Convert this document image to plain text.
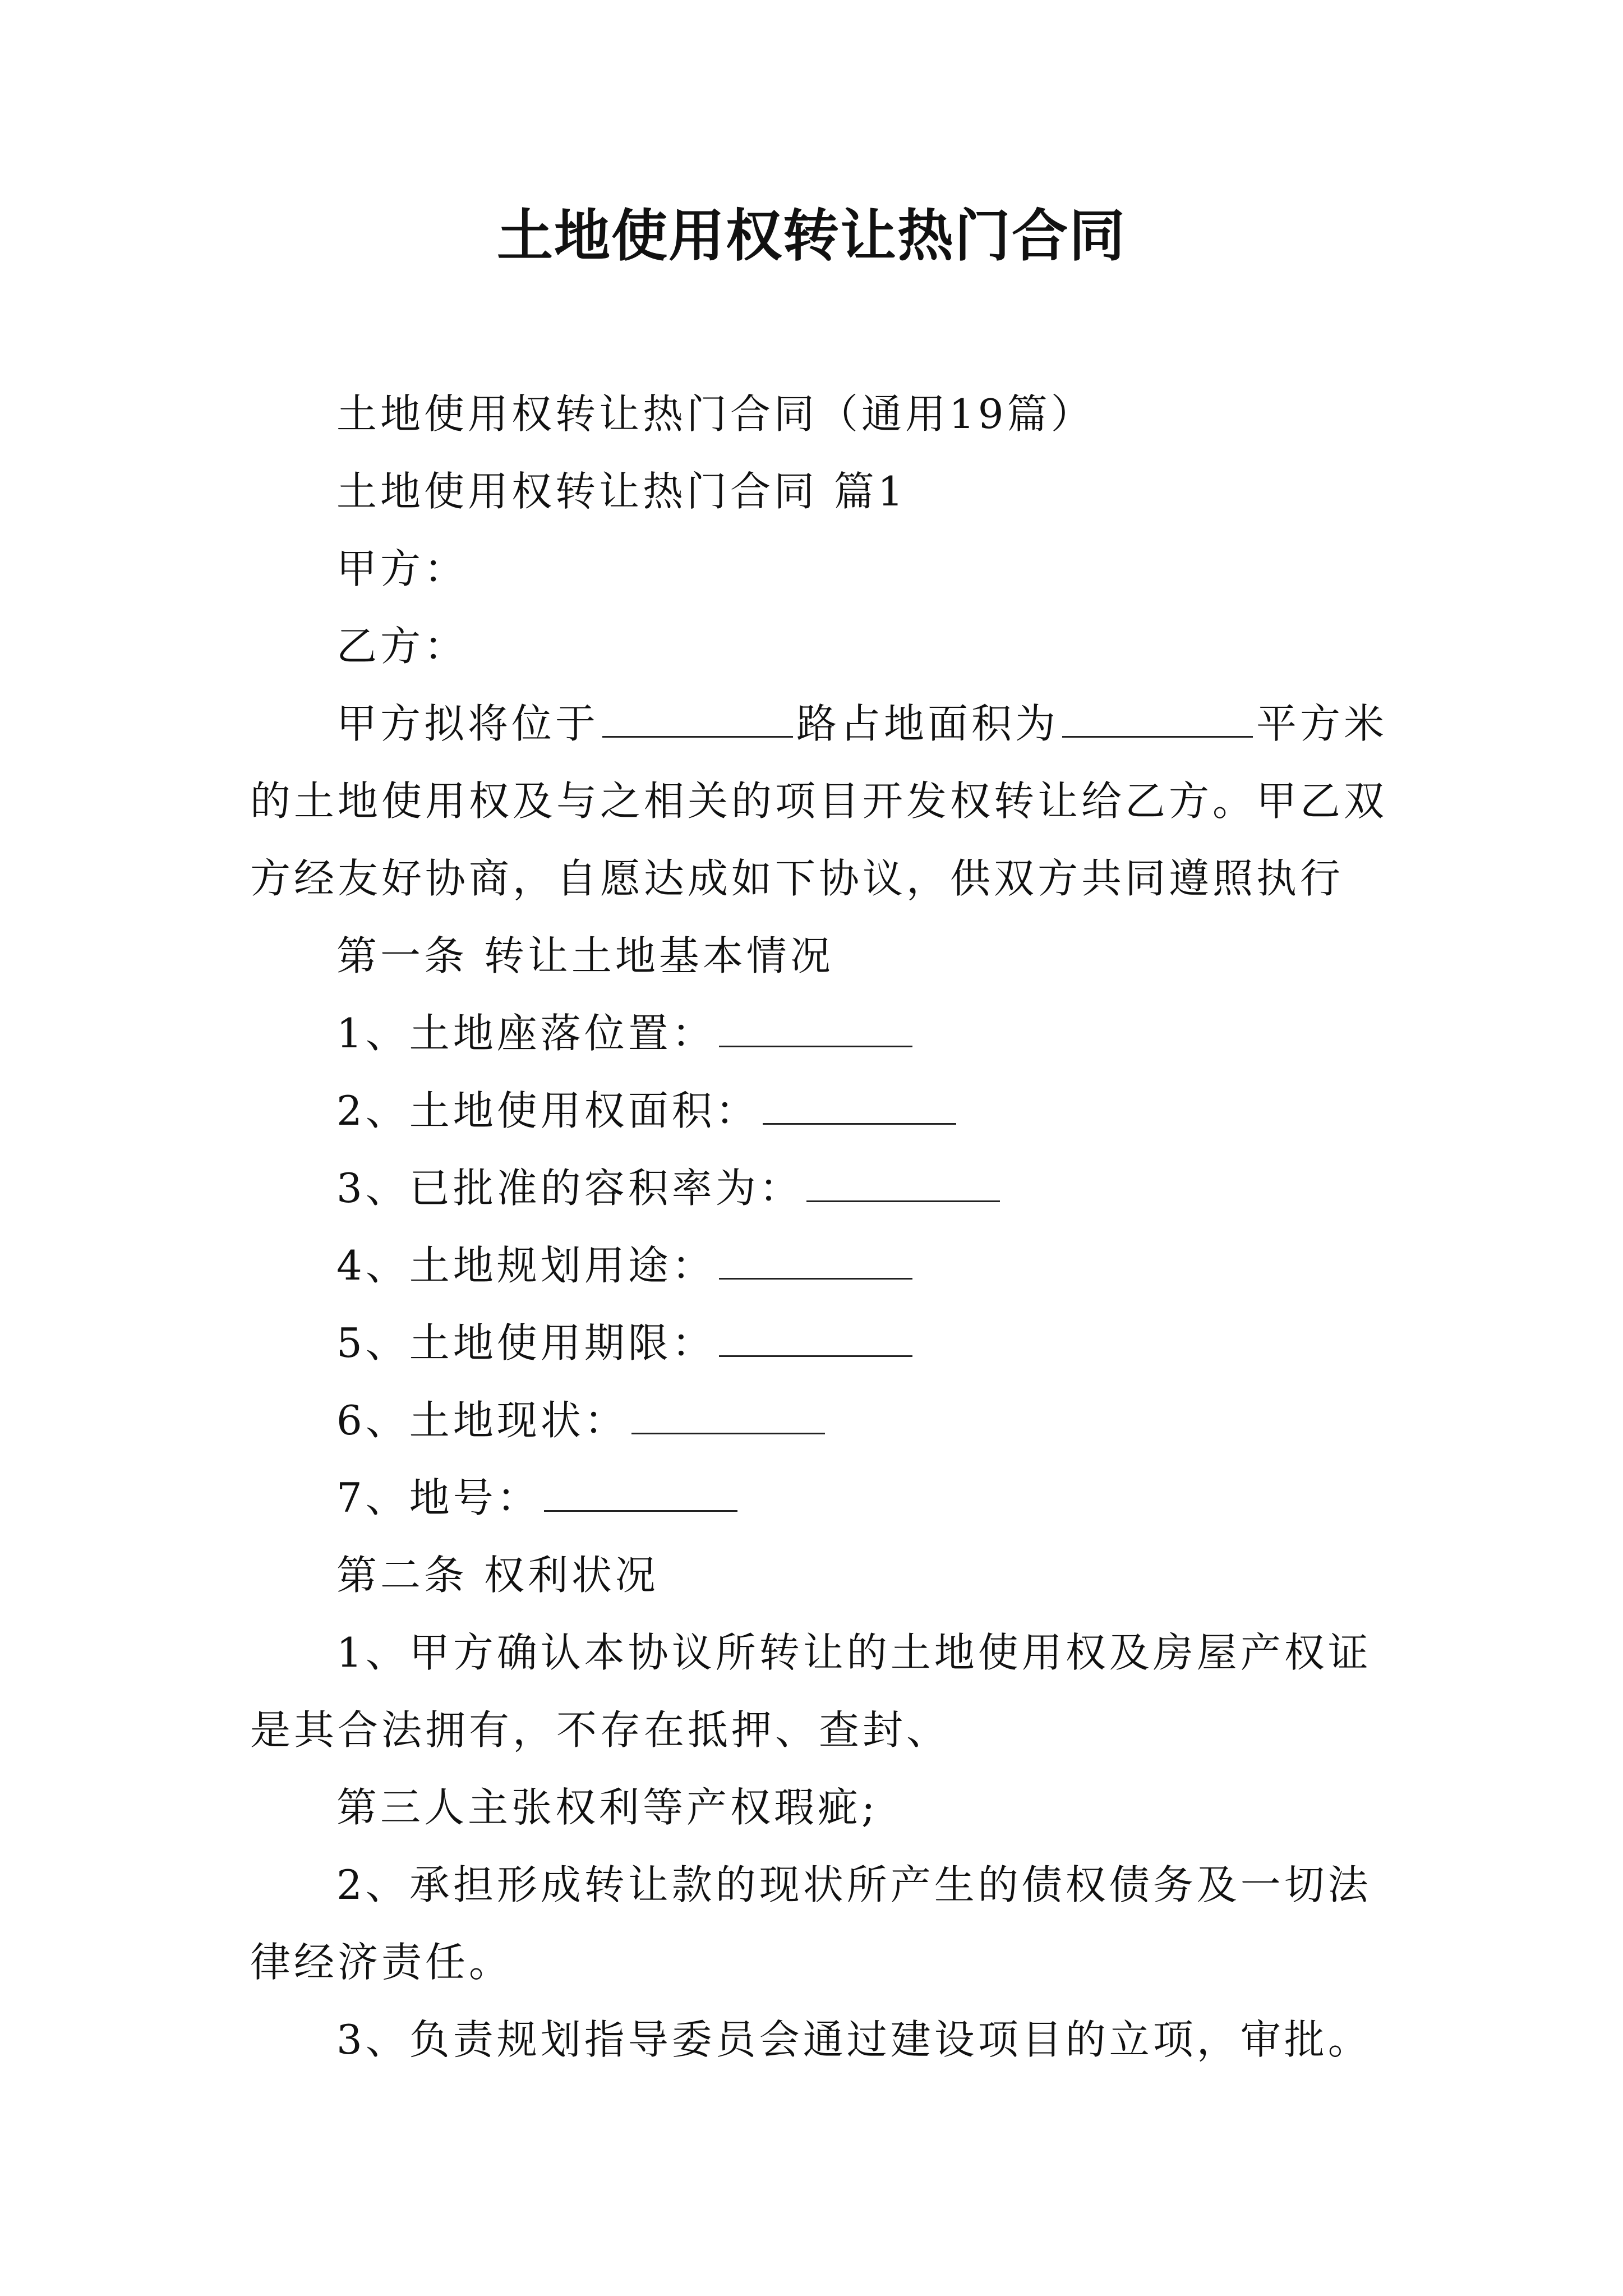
土地使用权转让热门合同
土地使用权转让热门合同（通用19篇）
土地使用权转让热门合同 篇1
甲方：
乙方：
甲方拟将位于	路占地面积为	平方米
的土地使用权及与之相关的项目开发权转让给乙方。甲乙双
方经友好协商，自愿达成如下协议，供双方共同遵照执行
第一条 转让土地基本情况
1、土地座落位置：
2、土地使用权面积：
3、已批准的容积率为：
4、土地规划用途：
5、土地使用期限：
6、土地现状：
7、地号：
第二条 权利状况
1、甲方确认本协议所转让的土地使用权及房屋产权证
是其合法拥有，不存在抵押、查封、
第三人主张权利等产权瑕疵;
2、承担形成转让款的现状所产生的债权债务及一切法
律经济责任。
3、负责规划指导委员会通过建设项目的立项，审批。
